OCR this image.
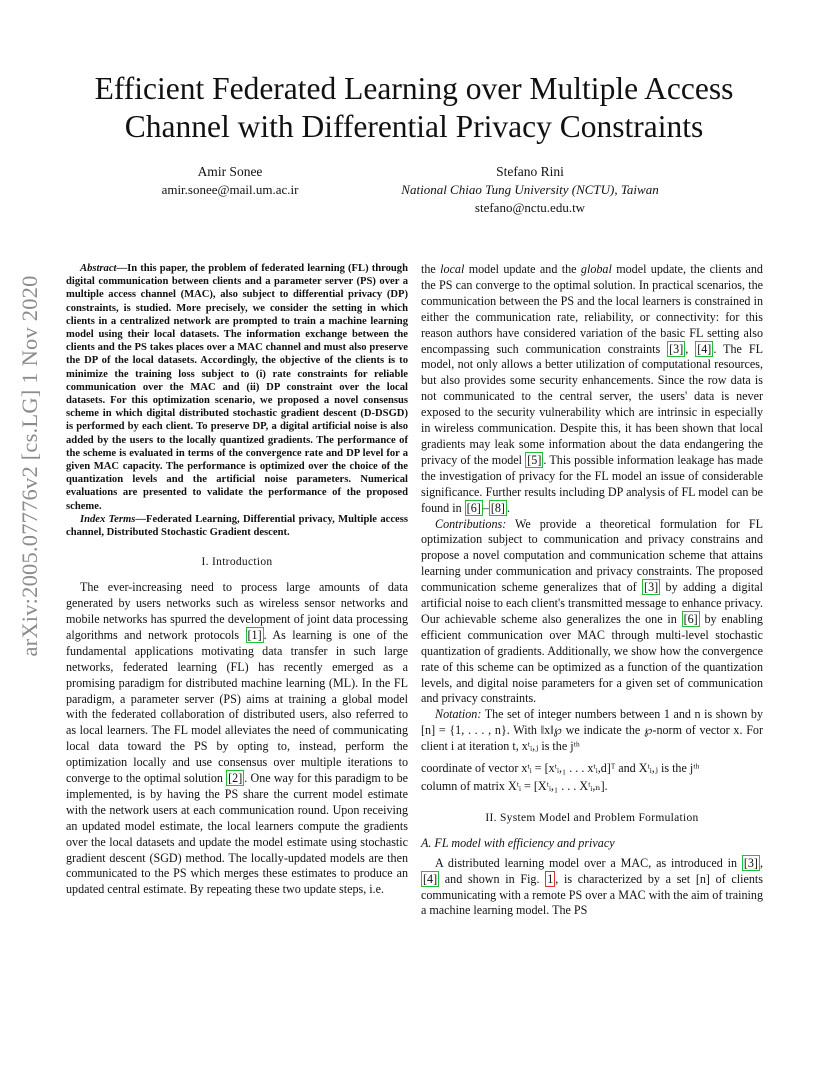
arXiv:2005.07776v2 [cs.LG] 1 Nov 2020
Efficient Federated Learning over Multiple Access Channel with Differential Privacy Constraints
Amir Sonee
amir.sonee@mail.um.ac.ir
Stefano Rini
National Chiao Tung University (NCTU), Taiwan
stefano@nctu.edu.tw

Abstract—In this paper, the problem of federated learning (FL) through digital communication between clients and a parameter server (PS) over a multiple access channel (MAC), also subject to differential privacy (DP) constraints, is studied. More precisely, we consider the setting in which clients in a centralized network are prompted to train a machine learning model using their local datasets. The information exchange between the clients and the PS takes places over a MAC channel and must also preserve the DP of the local datasets. Accordingly, the objective of the clients is to minimize the training loss subject to (i) rate constraints for reliable communication over the MAC and (ii) DP constraint over the local datasets. For this optimization scenario, we proposed a novel consensus scheme in which digital distributed stochastic gradient descent (D-DSGD) is performed by each client. To preserve DP, a digital artificial noise is also added by the users to the locally quantized gradients. The performance of the scheme is evaluated in terms of the convergence rate and DP level for a given MAC capacity. The performance is optimized over the choice of the quantization levels and the artificial noise parameters. Numerical evaluations are presented to validate the performance of the proposed scheme.

Index Terms—Federated Learning, Differential privacy, Multiple access channel, Distributed Stochastic Gradient descent.

I. Introduction

The ever-increasing need to process large amounts of data generated by users networks such as wireless sensor networks and mobile networks has spurred the development of joint data processing algorithms and network protocols [1] . As learning is one of the fundamental applications motivating data transfer in such large networks, federated learning (FL) has recently emerged as a promising paradigm for distributed machine learning (ML). In the FL paradigm, a parameter server (PS) aims at training a global model with the federated collaboration of distributed users, also referred to as local learners. The FL model alleviates the need of communicating local data toward the PS by opting to, instead, perform the optimization locally and use consensus over multiple iterations to converge to the optimal solution [2] . One way for this paradigm to be implemented, is by having the PS share the current model estimate with the network users at each communication round. Upon receiving an updated model estimate, the local learners compute the gradients over the local datasets and update the model estimate using stochastic gradient descent (SGD) method. The locally-updated models are then communicated to the PS which merges these estimates to produce an updated central estimate. By repeating these two update steps, i.e.

the local model update and the global model update, the clients and the PS can converge to the optimal solution. In practical scenarios, the communication between the PS and the local learners is constrained in either the communication rate, reliability, or connectivity: for this reason authors have considered variation of the basic FL setting also encompassing such communication constraints [3] , [4] . The FL model, not only allows a better utilization of computational resources, but also provides some security enhancements. Since the row data is not communicated to the central server, the users' data is never exposed to the security vulnerability which are intrinsic in especially in wireless communication. Despite this, it has been shown that local gradients may leak some information about the data endangering the privacy of the model [5] . This possible information leakage has made the investigation of privacy for the FL model an issue of considerable significance. Further results including DP analysis of FL model can be found in [6] – [8] .

Contributions: We provide a theoretical formulation for FL optimization subject to communication and privacy constrains and propose a novel computation and communication scheme that attains learning under communication and privacy constraints. The proposed communication scheme generalizes that of [3] by adding a digital artificial noise to each client's transmitted message to enhance privacy. Our achievable scheme also generalizes the one in [6] by enabling efficient communication over MAC through multi-level stochastic quantization of gradients. Additionally, we show how the convergence rate of this scheme can be optimized as a function of the quantization levels, and digital noise parameters for a given set of communication and privacy constraints.

Notation: The set of integer numbers between 1 and n is shown by [n] = {1, . . . , n}. With ‖x‖℘ we indicate the ℘-norm of vector x. For client i at iteration t, xᵗᵢ,ⱼ is the jᵗʰ

coordinate of vector xᵗᵢ = [xᵗᵢ,₁ . . . xᵗᵢ,d]ᵀ and Xᵗᵢ,ⱼ is the jᵗʰ

column of matrix Xᵗᵢ = [Xᵗᵢ,₁ . . . Xᵗᵢ,ₙ].

II. System Model and Problem Formulation

A. FL model with efficiency and privacy

A distributed learning model over a MAC, as introduced in [3] , [4] and shown in Fig. 1 , is characterized by a set [n] of clients communicating with a remote PS over a MAC with the aim of training a machine learning model. The PS
